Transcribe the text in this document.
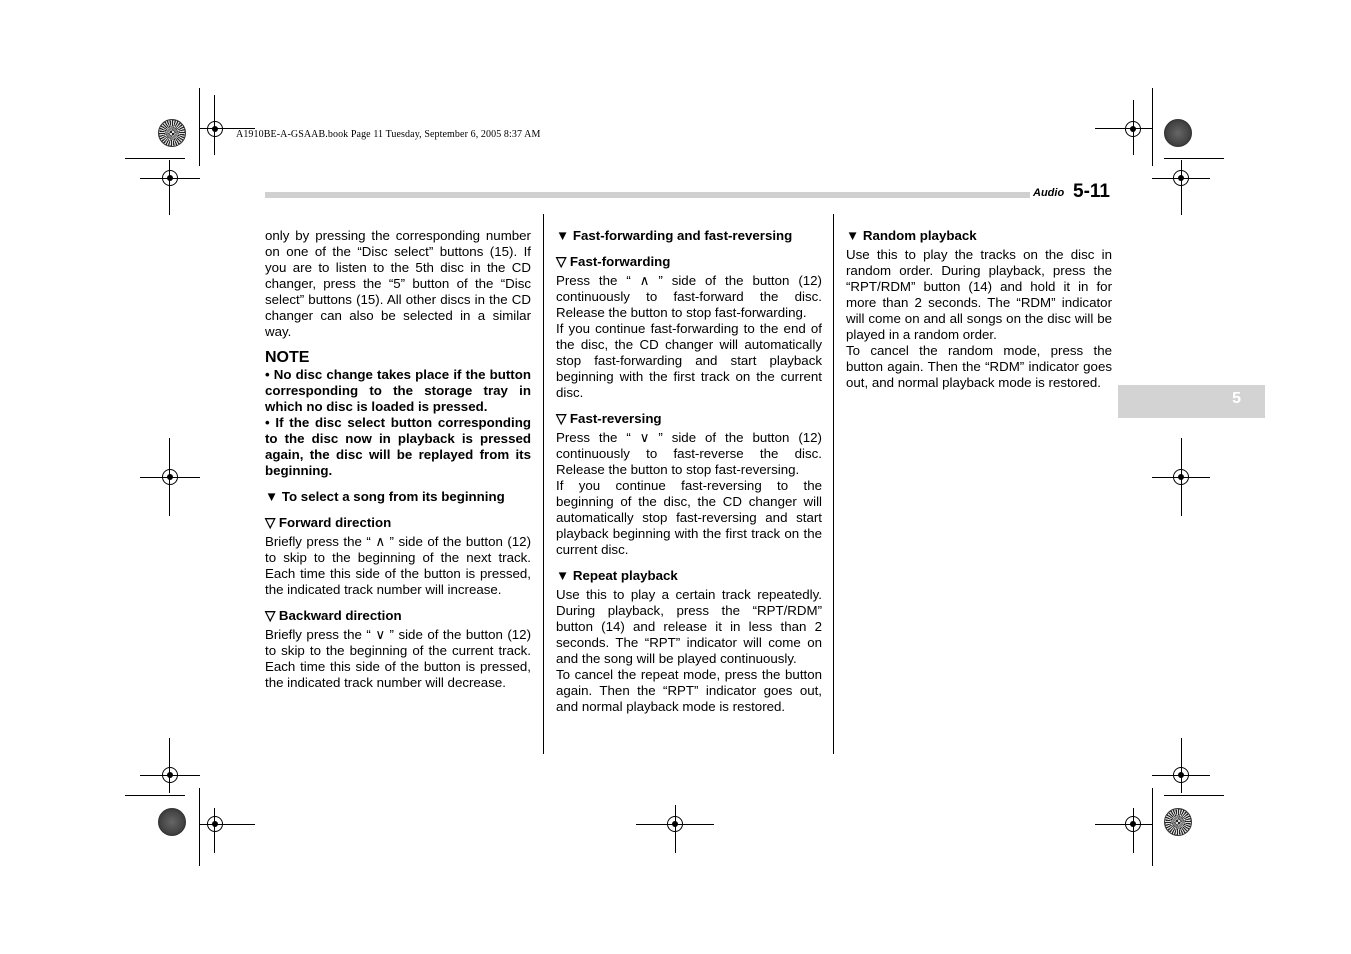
A1910BE-A-GSAAB.book Page 11 Tuesday, September 6, 2005 8:37 AM
Audio 5-11
5

only by pressing the corresponding number on one of the “Disc select” buttons (15). If you are to listen to the 5th disc in the CD changer, press the “5” button of the “Disc select” buttons (15). All other discs in the CD changer can also be selected in a similar way.

NOTE

• No disc change takes place if the button corresponding to the storage tray in which no disc is loaded is pressed.

• If the disc select button corresponding to the disc now in playback is pressed again, the disc will be replayed from its beginning.

▼ To select a song from its beginning
▽ Forward direction

Briefly press the “ ∧ ” side of the button (12) to skip to the beginning of the next track. Each time this side of the button is pressed, the indicated track number will increase.

▽ Backward direction

Briefly press the “ ∨ ” side of the button (12) to skip to the beginning of the current track. Each time this side of the button is pressed, the indicated track number will decrease.

▼ Fast-forwarding and fast-reversing
▽ Fast-forwarding

Press the “ ∧ ” side of the button (12) continuously to fast-forward the disc. Release the button to stop fast-forwarding.

If you continue fast-forwarding to the end of the disc, the CD changer will automatically stop fast-forwarding and start playback beginning with the first track on the current disc.

▽ Fast-reversing

Press the “ ∨ ” side of the button (12) continuously to fast-reverse the disc. Release the button to stop fast-reversing.

If you continue fast-reversing to the beginning of the disc, the CD changer will automatically stop fast-reversing and start playback beginning with the first track on the current disc.

▼ Repeat playback

Use this to play a certain track repeatedly. During playback, press the “RPT/RDM” button (14) and release it in less than 2 seconds. The “RPT” indicator will come on and the song will be played continuously.

To cancel the repeat mode, press the button again. Then the “RPT” indicator goes out, and normal playback mode is restored.

▼ Random playback

Use this to play the tracks on the disc in random order. During playback, press the “RPT/RDM” button (14) and hold it in for more than 2 seconds. The “RDM” indicator will come on and all songs on the disc will be played in a random order.

To cancel the random mode, press the button again. Then the “RDM” indicator goes out, and normal playback mode is restored.
